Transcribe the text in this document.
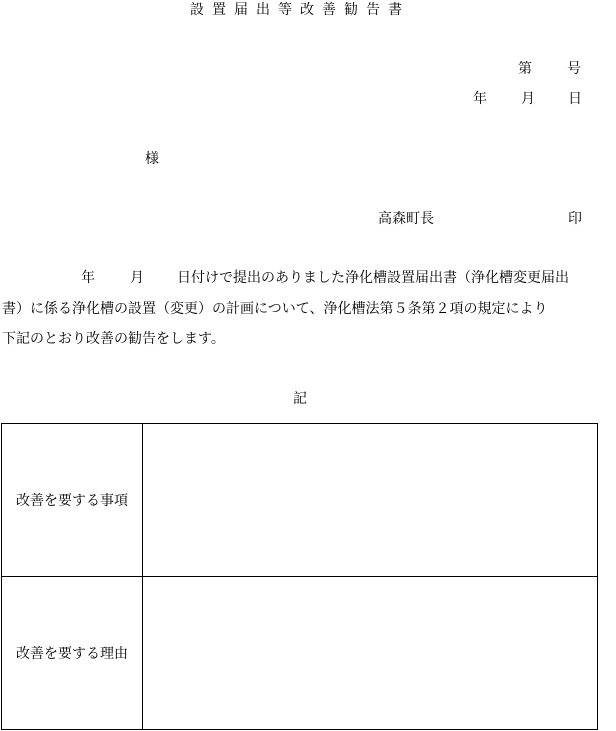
設置届出等改善勧告書
第	号
年 月 日
様
高森町長	印
年	月 日付けで提出のありました浄化槽設置届出書（浄化槽変更届出
書）に係る浄化槽の設置（変更）の計画について、浄化槽法第５条第２項の規定により
下記のとおり改善の勧告をします。
記
改善を要する事項	
改善を要する理由	
